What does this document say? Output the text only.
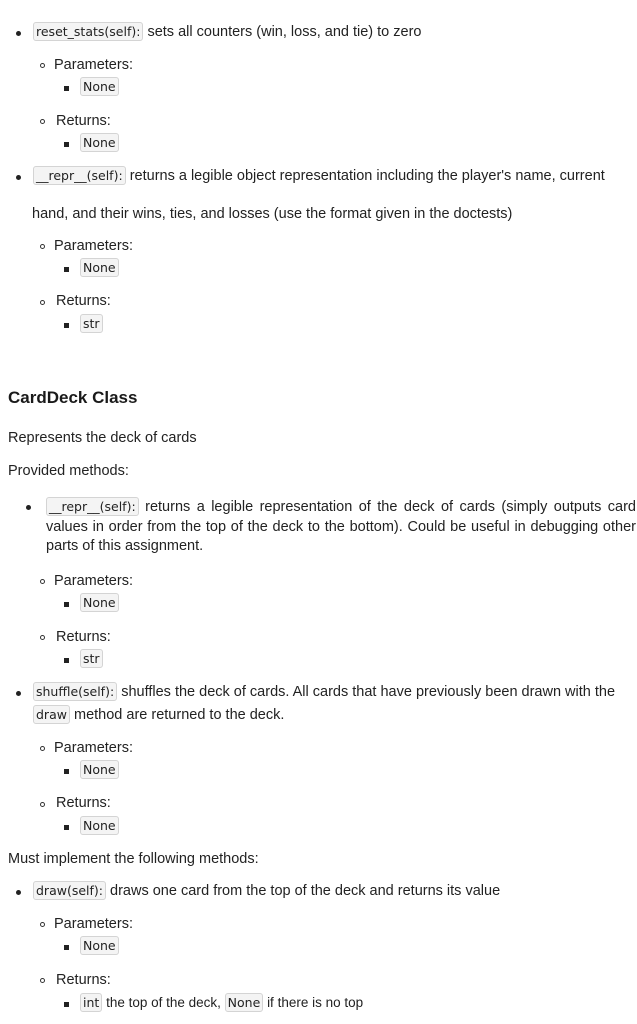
reset_stats(self): sets all counters (win, loss, and tie) to zero
Parameters:
None
Returns:
None
__repr__(self): returns a legible object representation including the player's name, current
hand, and their wins, ties, and losses (use the format given in the doctests)
Parameters:
None
Returns:
str
CardDeck Class
Represents the deck of cards
Provided methods:
__repr__(self): returns a legible representation of the deck of cards (simply outputs card values in order from the top of the deck to the bottom). Could be useful in debugging other parts of this assignment.
Parameters:
None
Returns:
str
shuffle(self): shuffles the deck of cards. All cards that have previously been drawn with the
draw method are returned to the deck.
Parameters:
None
Returns:
None
Must implement the following methods:
draw(self): draws one card from the top of the deck and returns its value
Parameters:
None
Returns:
int the top of the deck, None if there is no top
